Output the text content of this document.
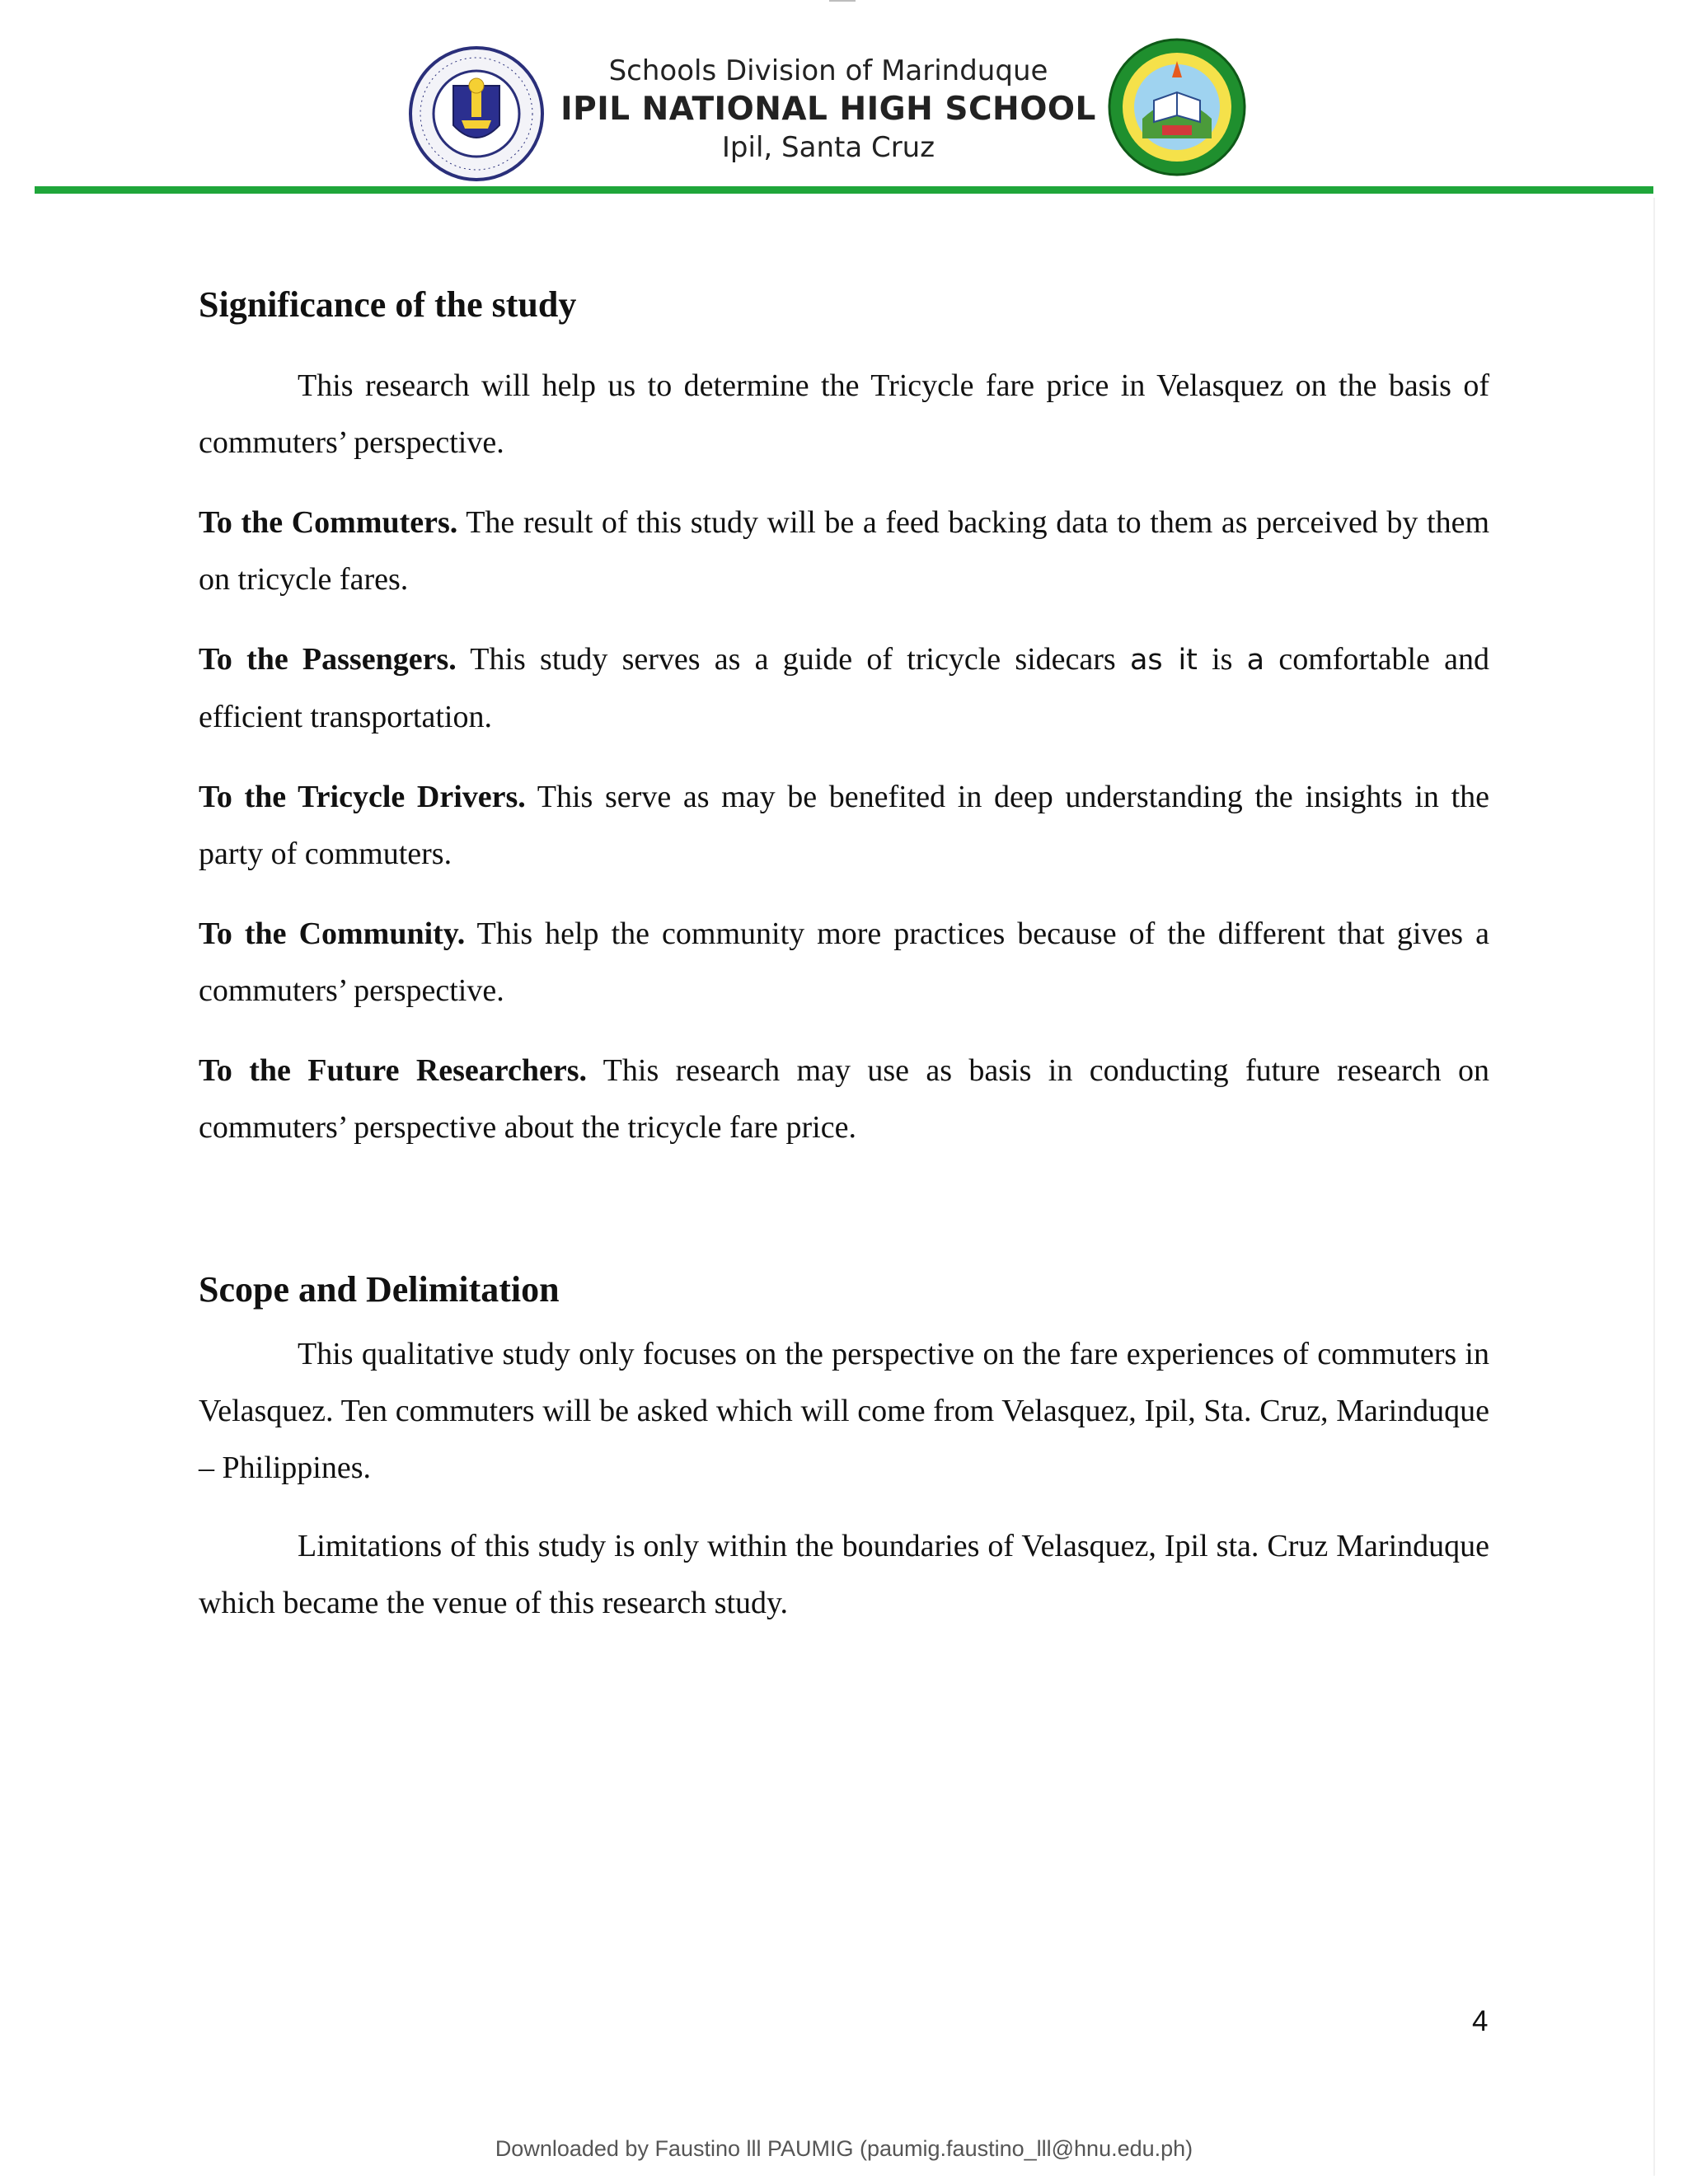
Schools Division of Marinduque
IPIL NATIONAL HIGH SCHOOL
Ipil, Santa Cruz
Significance of the study

This research will help us to determine the Tricycle fare price in Velasquez on the basis of commuters’ perspective.

To the Commuters. The result of this study will be a feed backing data to them as perceived by them on tricycle fares.

To the Passengers. This study serves as a guide of tricycle sidecars as it is a comfortable and efficient transportation.

To the Tricycle Drivers. This serve as may be benefited in deep understanding the insights in the party of commuters.

To the Community. This help the community more practices because of the different that gives a commuters’ perspective.

To the Future Researchers. This research may use as basis in conducting future research on commuters’ perspective about the tricycle fare price.

Scope and Delimitation

This qualitative study only focuses on the perspective on the fare experiences of commuters in Velasquez. Ten commuters will be asked which will come from Velasquez, Ipil, Sta. Cruz, Marinduque – Philippines.

Limitations of this study is only within the boundaries of Velasquez, Ipil sta. Cruz Marinduque which became the venue of this research study.

4
Downloaded by Faustino lll PAUMIG (paumig.faustino_lll@hnu.edu.ph)
